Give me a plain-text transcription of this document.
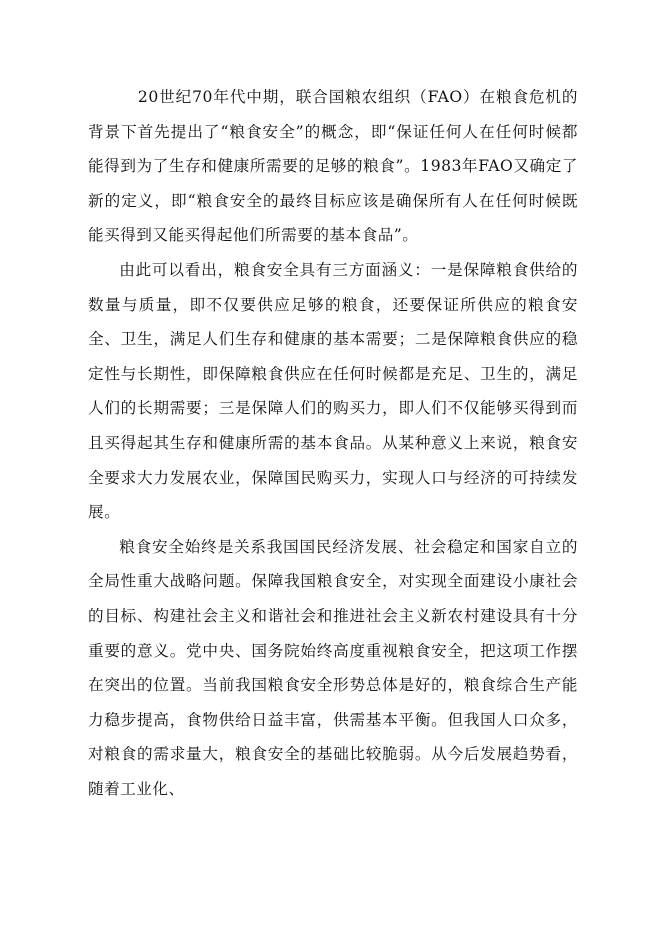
20世纪70年代中期，联合国粮农组织（FAO）在粮食危机的背景下首先提出了“粮食安全”的概念，即“保证任何人在任何时候都能得到为了生存和健康所需要的足够的粮食”。1983年FAO又确定了新的定义，即“粮食安全的最终目标应该是确保所有人在任何时候既能买得到又能买得起他们所需要的基本食品”。

由此可以看出，粮食安全具有三方面涵义：一是保障粮食供给的数量与质量，即不仅要供应足够的粮食，还要保证所供应的粮食安全、卫生，满足人们生存和健康的基本需要；二是保障粮食供应的稳定性与长期性，即保障粮食供应在任何时候都是充足、卫生的，满足人们的长期需要；三是保障人们的购买力，即人们不仅能够买得到而且买得起其生存和健康所需的基本食品。从某种意义上来说，粮食安全要求大力发展农业，保障国民购买力，实现人口与经济的可持续发展。

粮食安全始终是关系我国国民经济发展、社会稳定和国家自立的全局性重大战略问题。保障我国粮食安全，对实现全面建设小康社会的目标、构建社会主义和谐社会和推进社会主义新农村建设具有十分重要的意义。党中央、国务院始终高度重视粮食安全，把这项工作摆在突出的位置。当前我国粮食安全形势总体是好的，粮食综合生产能力稳步提高，食物供给日益丰富，供需基本平衡。但我国人口众多，对粮食的需求量大，粮食安全的基础比较脆弱。从今后发展趋势看，随着工业化、
